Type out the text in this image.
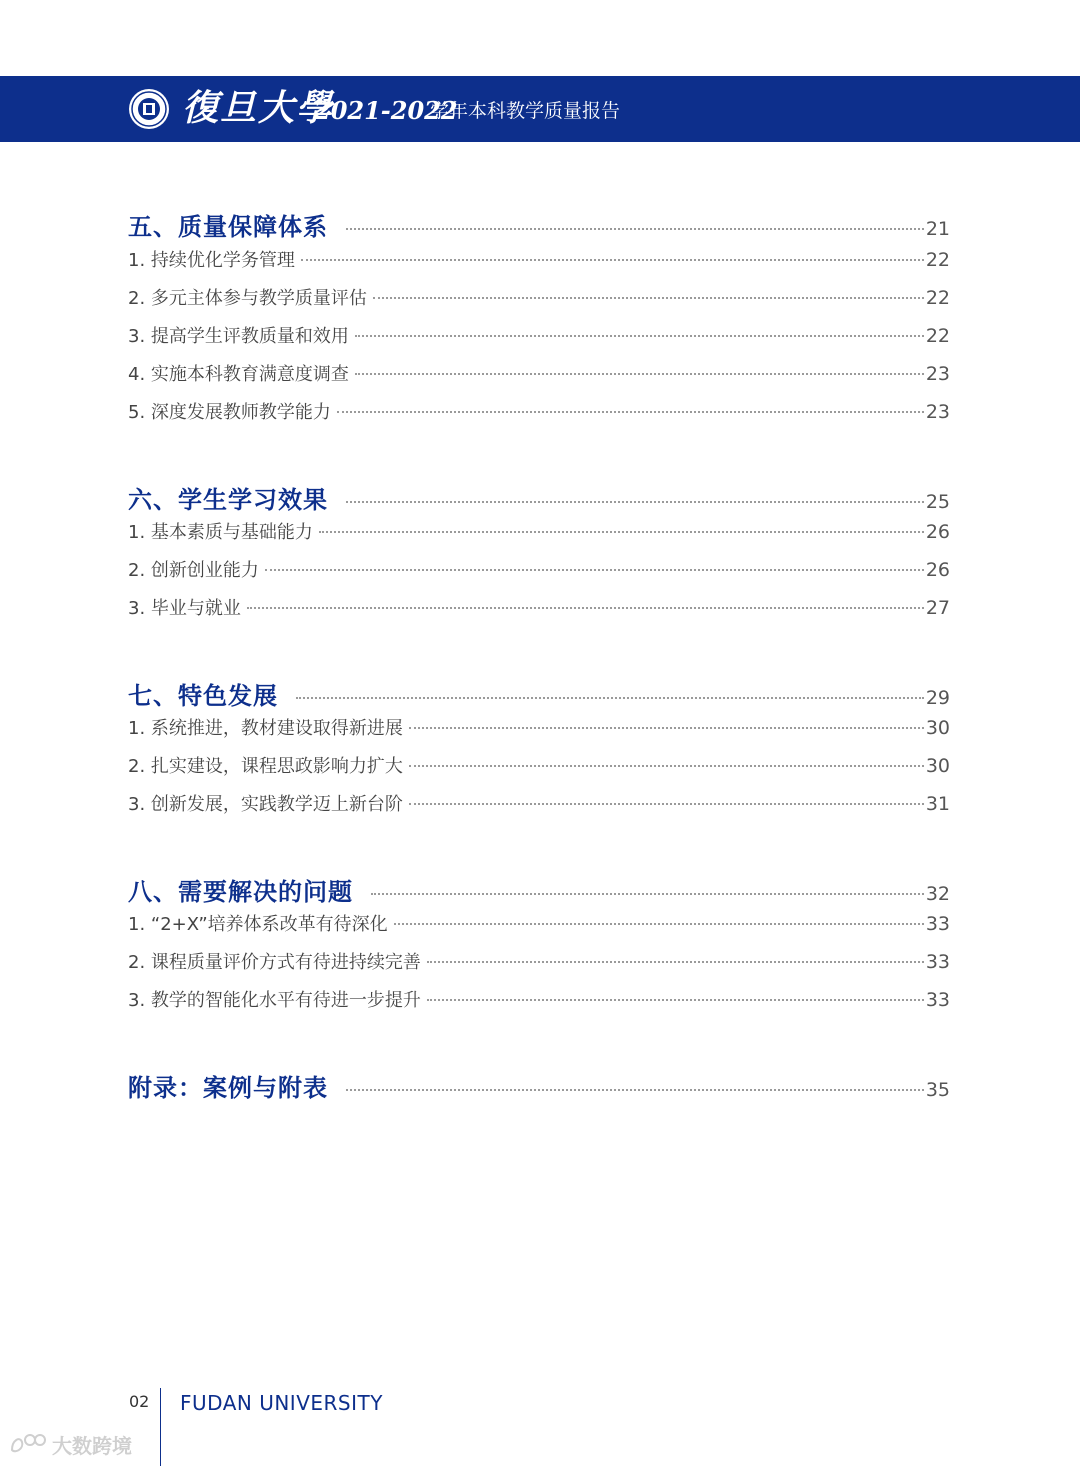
復旦大學
2021-2022
学年本科教学质量报告
五、质量保障体系	21
1. 持续优化学务管理	22
2. 多元主体参与教学质量评估	22
3. 提高学生评教质量和效用	22
4. 实施本科教育满意度调查	23
5. 深度发展教师教学能力	23
六、学生学习效果	25
1. 基本素质与基础能力	26
2. 创新创业能力	26
3. 毕业与就业	27
七、特色发展	29
1. 系统推进，教材建设取得新进展	30
2. 扎实建设，课程思政影响力扩大	30
3. 创新发展，实践教学迈上新台阶	31
八、需要解决的问题	32
1. “2+X”培养体系改革有待深化	33
2. 课程质量评价方式有待进持续完善	33
3. 教学的智能化水平有待进一步提升	33
附录：案例与附表	35
02 FUDAN UNIVERSITY
大数跨境
